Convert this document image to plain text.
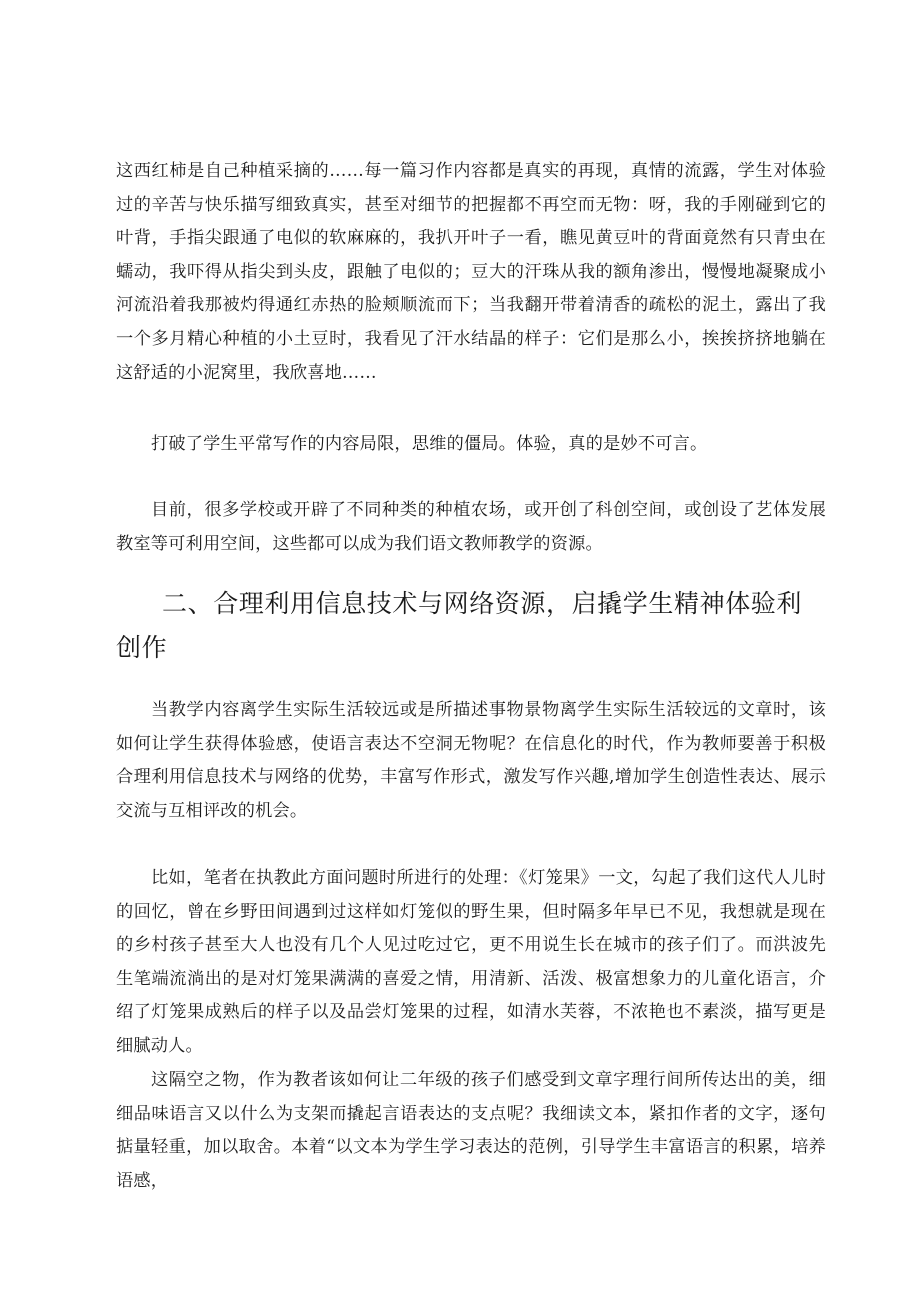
这西红柿是自己种植采摘的……每一篇习作内容都是真实的再现，真情的流露，学生对体验过的辛苦与快乐描写细致真实，甚至对细节的把握都不再空而无物：呀，我的手刚碰到它的叶背，手指尖跟通了电似的软麻麻的，我扒开叶子一看，瞧见黄豆叶的背面竟然有只青虫在蠕动，我吓得从指尖到头皮，跟触了电似的；豆大的汗珠从我的额角渗出，慢慢地凝聚成小河流沿着我那被灼得通红赤热的脸颊顺流而下；当我翻开带着清香的疏松的泥土，露出了我一个多月精心种植的小土豆时，我看见了汗水结晶的样子：它们是那么小，挨挨挤挤地躺在这舒适的小泥窝里，我欣喜地……

打破了学生平常写作的内容局限，思维的僵局。体验，真的是妙不可言。

目前，很多学校或开辟了不同种类的种植农场，或开创了科创空间，或创设了艺体发展教室等可利用空间，这些都可以成为我们语文教师教学的资源。

二、合理利用信息技术与网络资源，启撬学生精神体验利创作

当教学内容离学生实际生活较远或是所描述事物景物离学生实际生活较远的文章时，该如何让学生获得体验感，使语言表达不空洞无物呢？在信息化的时代，作为教师要善于积极合理利用信息技术与网络的优势，丰富写作形式，激发写作兴趣,增加学生创造性表达、展示交流与互相评改的机会。

比如，笔者在执教此方面问题时所进行的处理：《灯笼果》一文，勾起了我们这代人儿时的回忆，曾在乡野田间遇到过这样如灯笼似的野生果，但时隔多年早已不见，我想就是现在的乡村孩子甚至大人也没有几个人见过吃过它，更不用说生长在城市的孩子们了。而洪波先生笔端流淌出的是对灯笼果满满的喜爱之情，用清新、活泼、极富想象力的儿童化语言，介绍了灯笼果成熟后的样子以及品尝灯笼果的过程，如清水芙蓉，不浓艳也不素淡，描写更是细腻动人。

这隔空之物，作为教者该如何让二年级的孩子们感受到文章字理行间所传达出的美，细细品味语言又以什么为支架而撬起言语表达的支点呢？我细读文本，紧扣作者的文字，逐句掂量轻重，加以取舍。本着“以文本为学生学习表达的范例，引导学生丰富语言的积累，培养语感，
